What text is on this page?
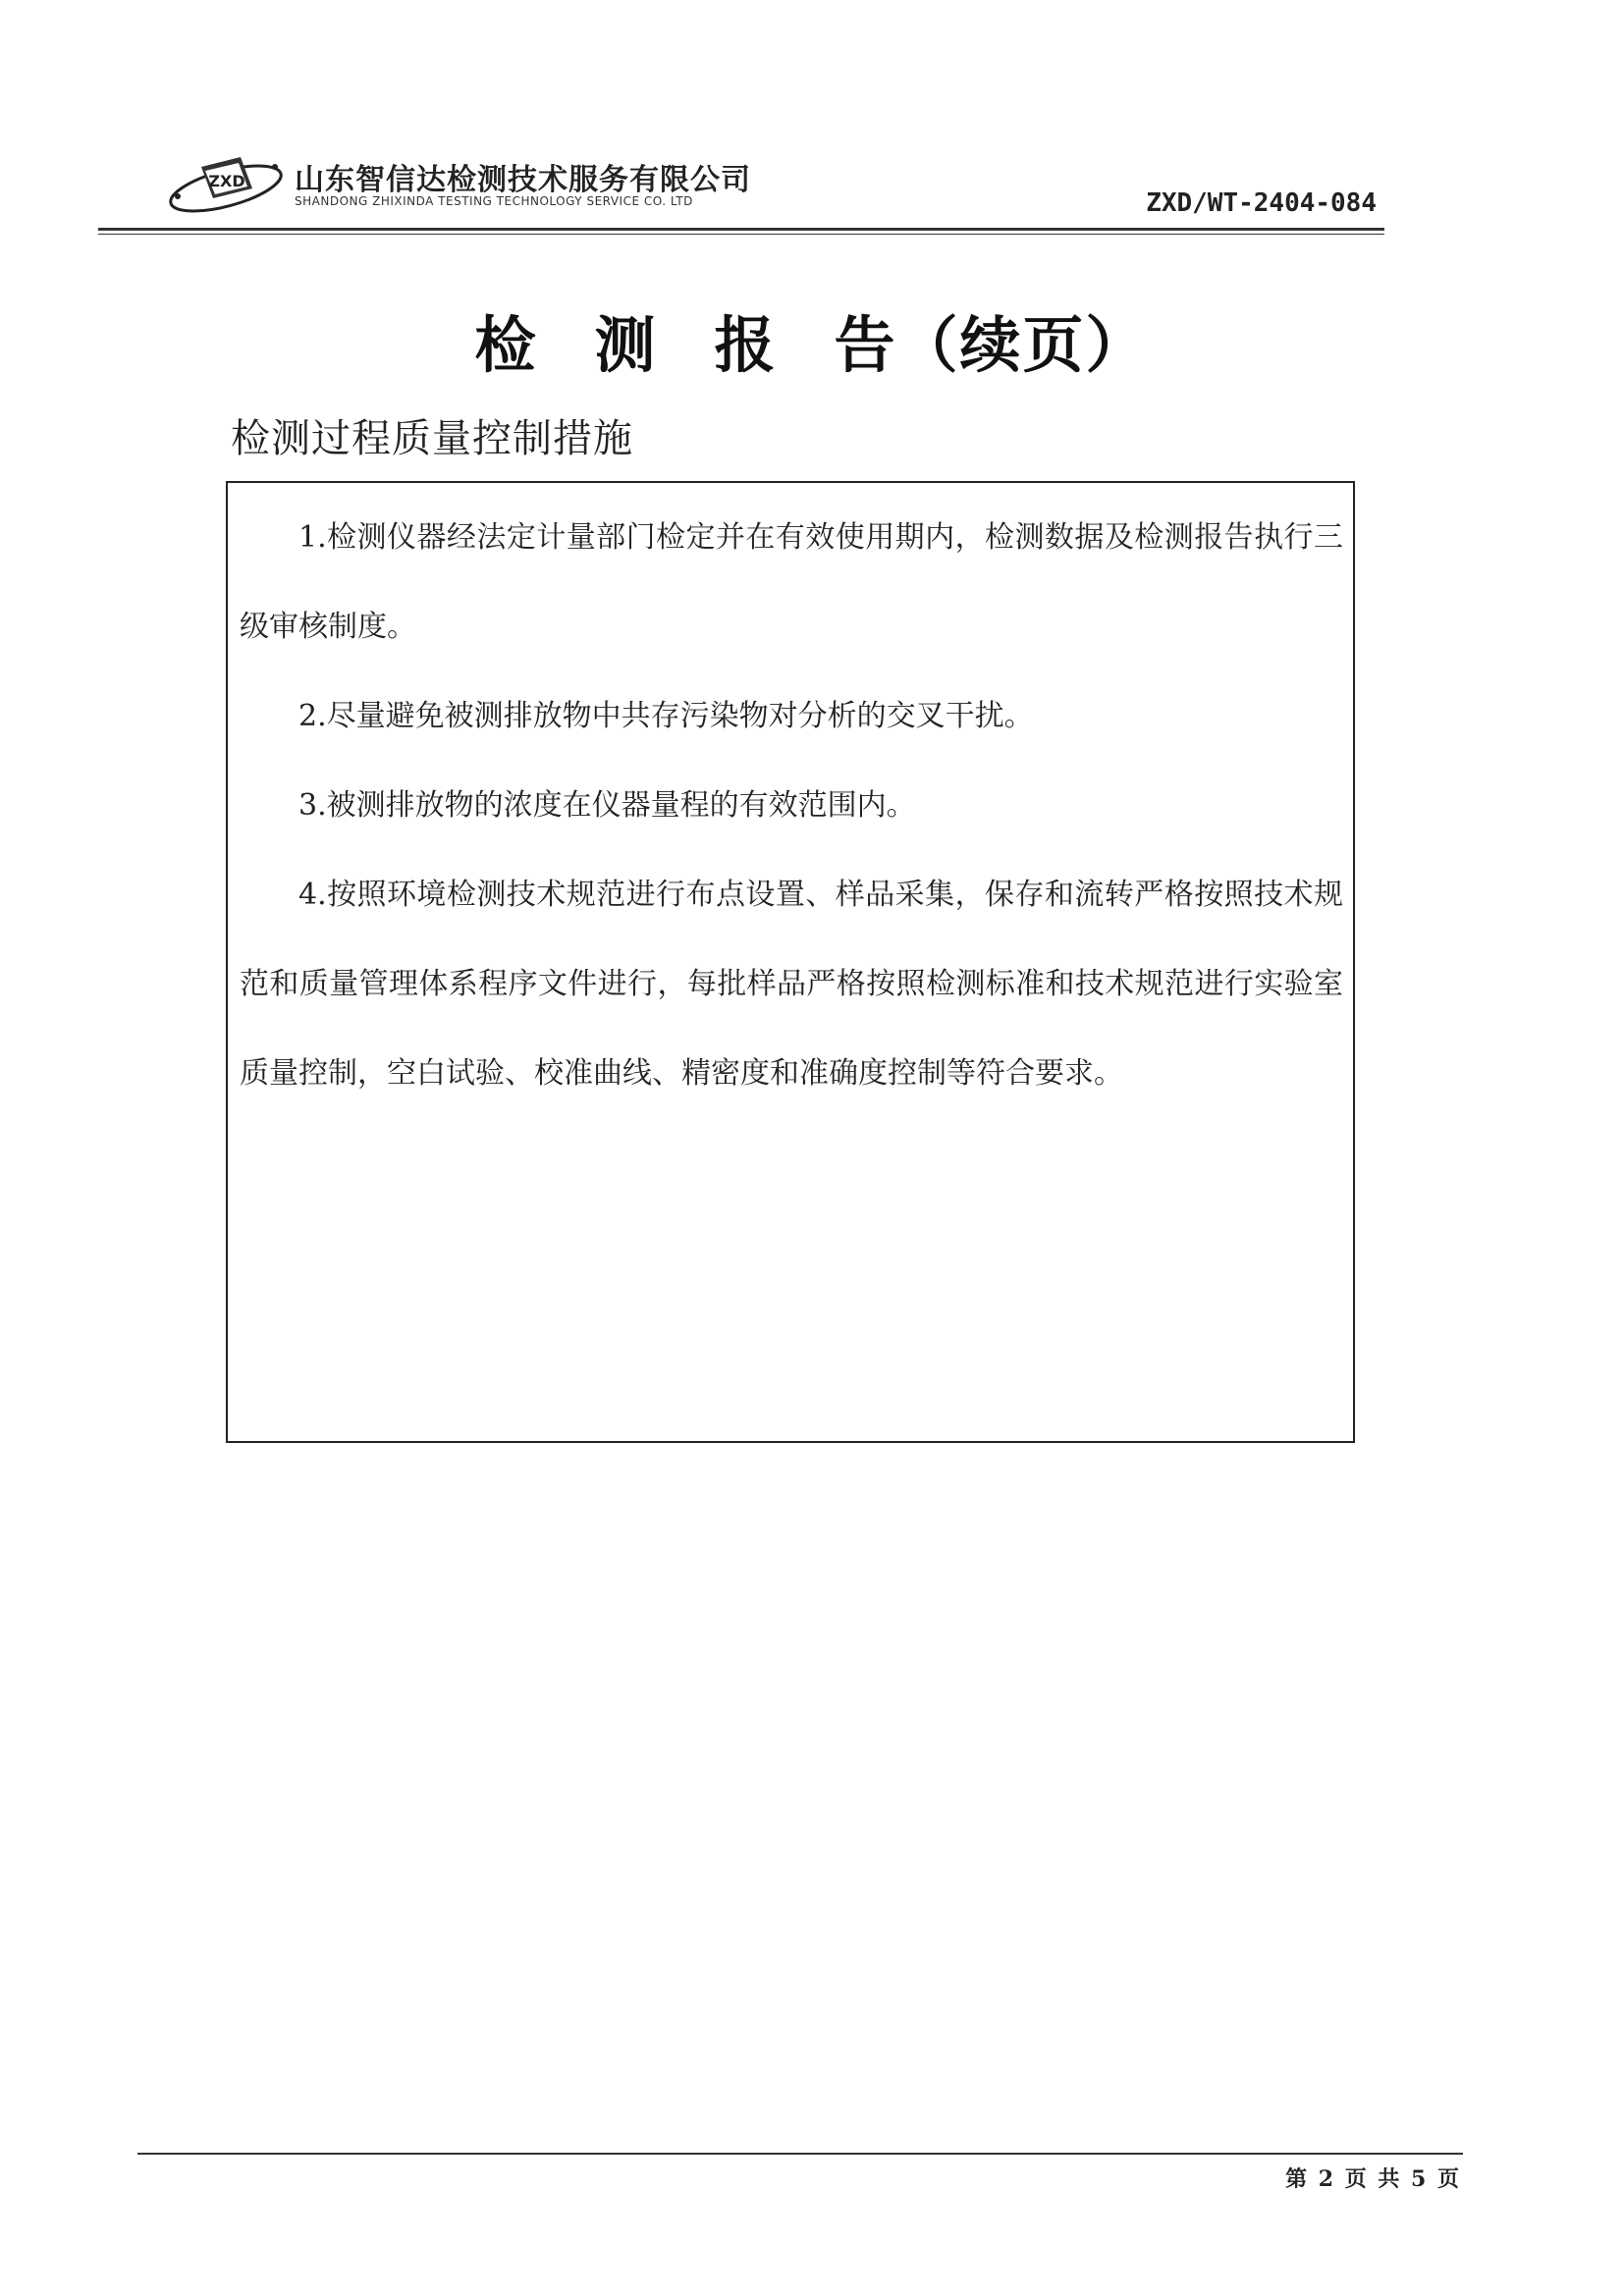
ZXD 山东智信达检测技术服务有限公司
SHANDONG ZHIXINDA TESTING TECHNOLOGY SERVICE CO. LTD	ZXD/WT-2404-084
检 测 报 告（续页）
检测过程质量控制措施
1.检测仪器经法定计量部门检定并在有效使用期内，检测数据及检测报告执行三级审核制度。
2.尽量避免被测排放物中共存污染物对分析的交叉干扰。
3.被测排放物的浓度在仪器量程的有效范围内。
4.按照环境检测技术规范进行布点设置、样品采集，保存和流转严格按照技术规范和质量管理体系程序文件进行，每批样品严格按照检测标准和技术规范进行实验室质量控制，空白试验、校准曲线、精密度和准确度控制等符合要求。
第 2 页 共 5 页
